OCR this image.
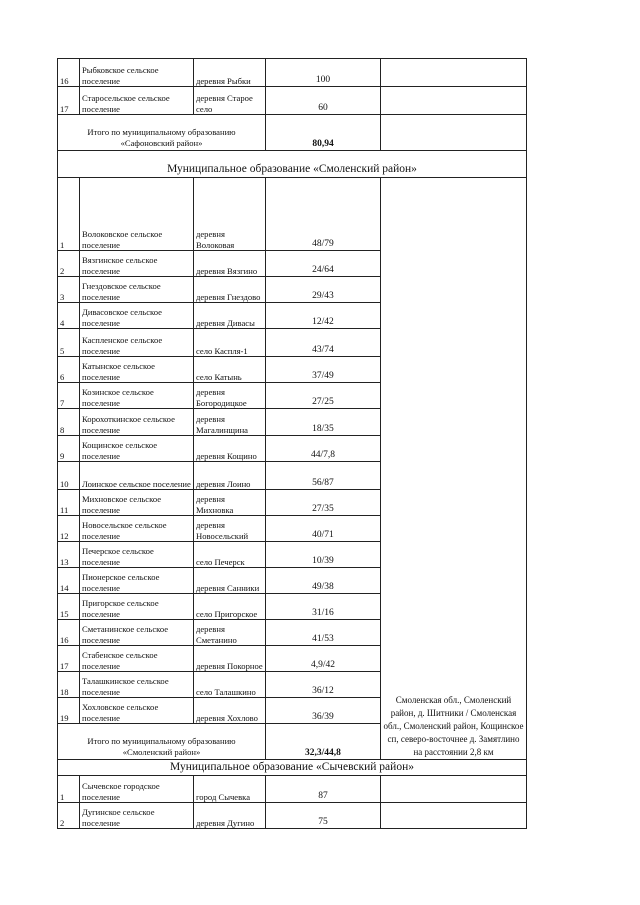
16	Рыбковское сельское поселение	деревня Рыбки	100	
17	Старосельское сельское поселение	деревня Старое село	60	

Итого по муниципальному образованию
«Сафоновский район»			80,94	
Муниципальное образование «Смоленский район»				
1	Волоковское сельское поселение	деревня Волоковая	48/79	Смоленская обл., Смоленский район, д. Шитники / Смоленская обл., Смоленский район, Кощинское сп, северо-восточнее д. Замятлино на расстоянии 2,8 км
2	Вязгинское сельское поселение	деревня Вязгино	24/64	
3	Гнездовское сельское поселение	деревня Гнездово	29/43	
4	Дивасовское сельское поселение	деревня Дивасы	12/42	
5	Каспленское сельское поселение	село Каспля-1	43/74	
6	Катынское сельское поселение	село Катынь	37/49	
7	Козинское сельское поселение	деревня Богородицкое	27/25	
8	Корохоткинское сельское поселение	деревня Магалинщина	18/35	
9	Кощинское сельское поселение	деревня Кощино	44/7,8	
10	Лоинское сельское поселение	деревня Лоино	56/87	
11	Михновское сельское поселение	деревня Михновка	27/35	
12	Новосельское сельское поселение	деревня Новосельский	40/71	
13	Печерское сельское поселение	село Печерск	10/39	
14	Пионерское сельское поселение	деревня Санники	49/38	
15	Пригорское сельское поселение	село Пригорское	31/16	
16	Сметанинское сельское поселение	деревня Сметанино	41/53	
17	Стабенское сельское поселение	деревня Покорное	4,9/42	
18	Талашкинское сельское поселение	село Талашкино	36/12	
19	Хохловское сельское поселение	деревня Хохлово	36/39	

Итого по муниципальному образованию
«Смоленский район»			32,3/44,8	
Муниципальное образование «Сычевский район»				
1	Сычевское городское поселение	город Сычевка	87	
2	Дугинское сельское поселение	деревня Дугино	75	
